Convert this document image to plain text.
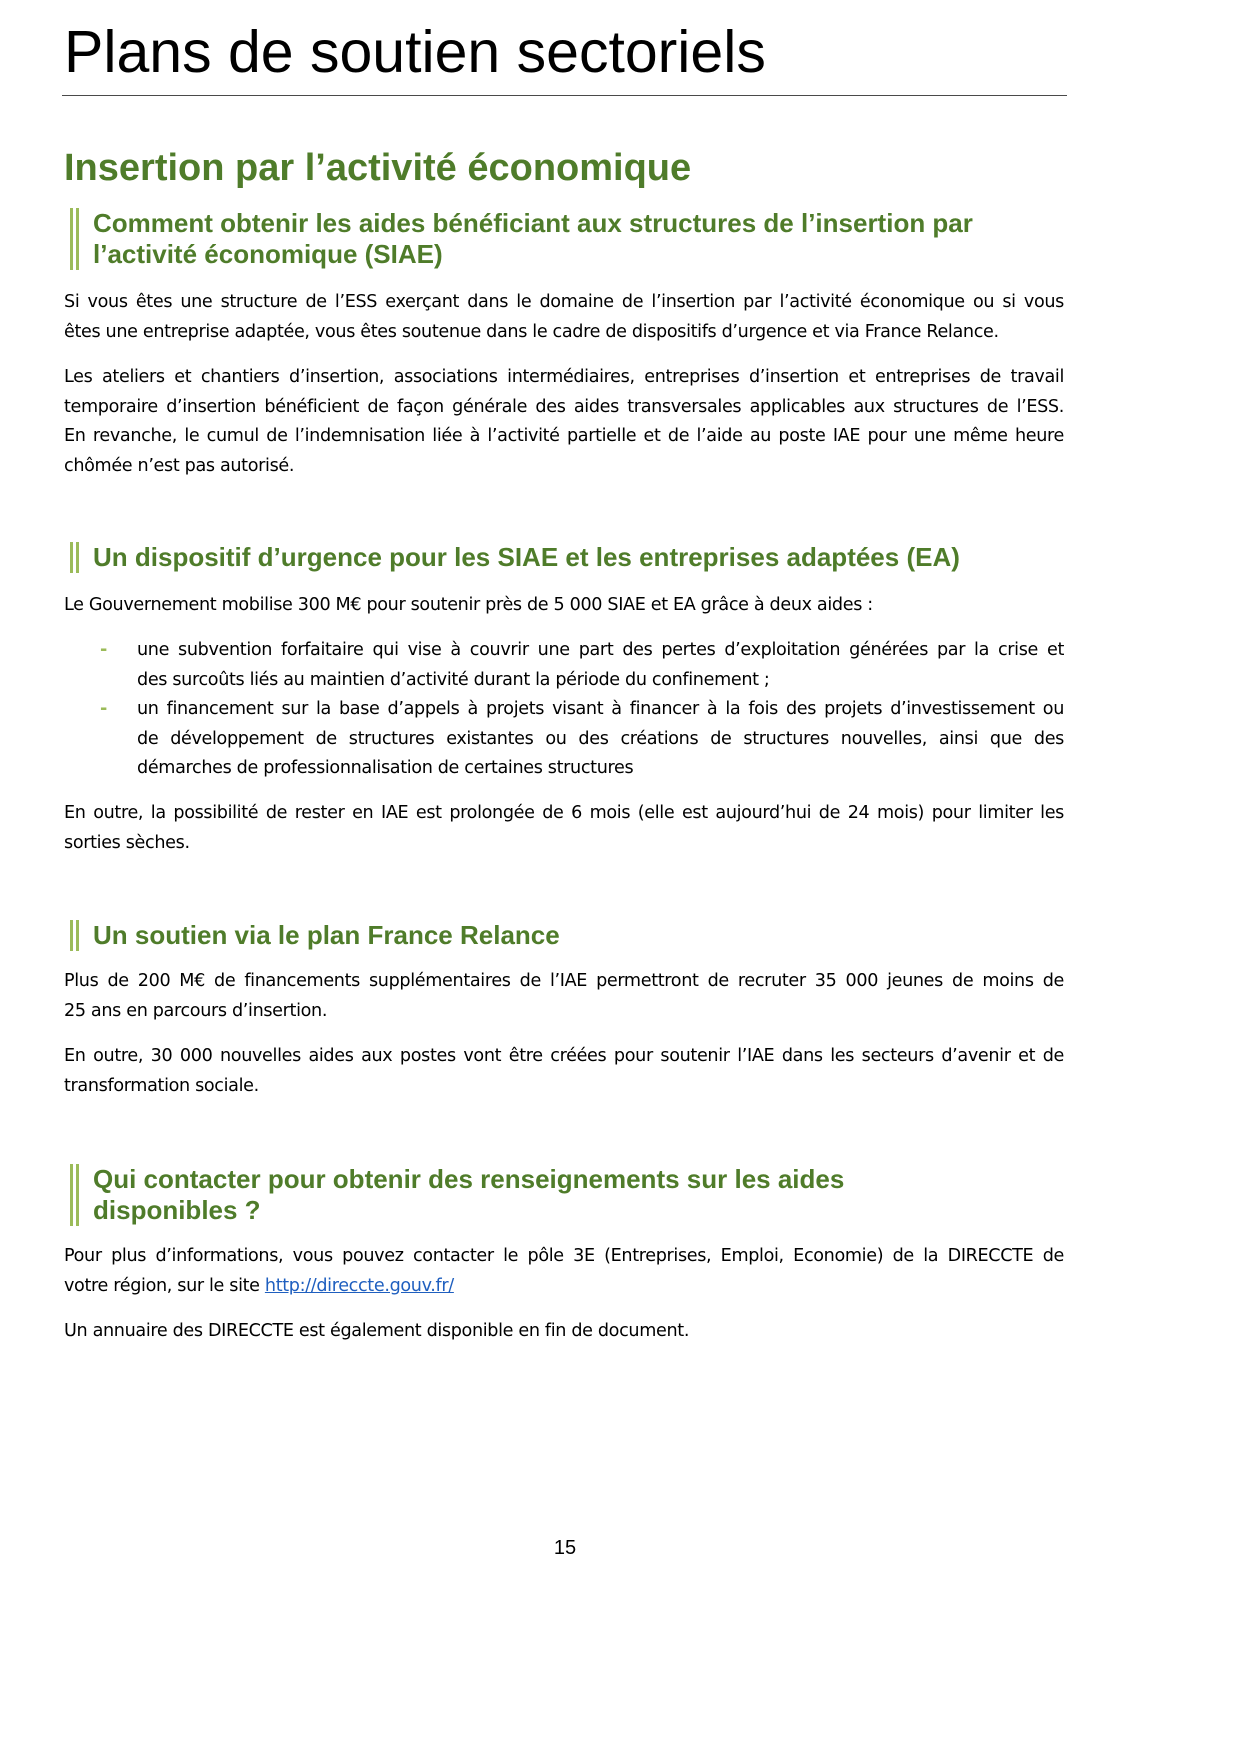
Plans de soutien sectoriels
Insertion par l’activité économique
Comment obtenir les aides bénéficiant aux structures de l’insertion par
l’activité économique (SIAE)
Si vous êtes une structure de l’ESS exerçant dans le domaine de l’insertion par l’activité économique ou si vous
êtes une entreprise adaptée, vous êtes soutenue dans le cadre de dispositifs d’urgence et via France Relance.
Les ateliers et chantiers d’insertion, associations intermédiaires, entreprises d’insertion et entreprises de travail
temporaire d’insertion bénéficient de façon générale des aides transversales applicables aux structures de l’ESS.
En revanche, le cumul de l’indemnisation liée à l’activité partielle et de l’aide au poste IAE pour une même heure
chômée n’est pas autorisé.
Un dispositif d’urgence pour les SIAE et les entreprises adaptées (EA)
Le Gouvernement mobilise 300 M€ pour soutenir près de 5 000 SIAE et EA grâce à deux aides :
- une subvention forfaitaire qui vise à couvrir une part des pertes d’exploitation générées par la crise et
des surcoûts liés au maintien d’activité durant la période du confinement ;
- un financement sur la base d’appels à projets visant à financer à la fois des projets d’investissement ou
de développement de structures existantes ou des créations de structures nouvelles, ainsi que des
démarches de professionnalisation de certaines structures
En outre, la possibilité de rester en IAE est prolongée de 6 mois (elle est aujourd’hui de 24 mois) pour limiter les
sorties sèches.
Un soutien via le plan France Relance
Plus de 200 M€ de financements supplémentaires de l’IAE permettront de recruter 35 000 jeunes de moins de
25 ans en parcours d’insertion.
En outre, 30 000 nouvelles aides aux postes vont être créées pour soutenir l’IAE dans les secteurs d’avenir et de
transformation sociale.
Qui contacter pour obtenir des renseignements sur les aides
disponibles ?
Pour plus d’informations, vous pouvez contacter le pôle 3E (Entreprises, Emploi, Economie) de la DIRECCTE de
votre région, sur le site http://direccte.gouv.fr/
Un annuaire des DIRECCTE est également disponible en fin de document.
15
